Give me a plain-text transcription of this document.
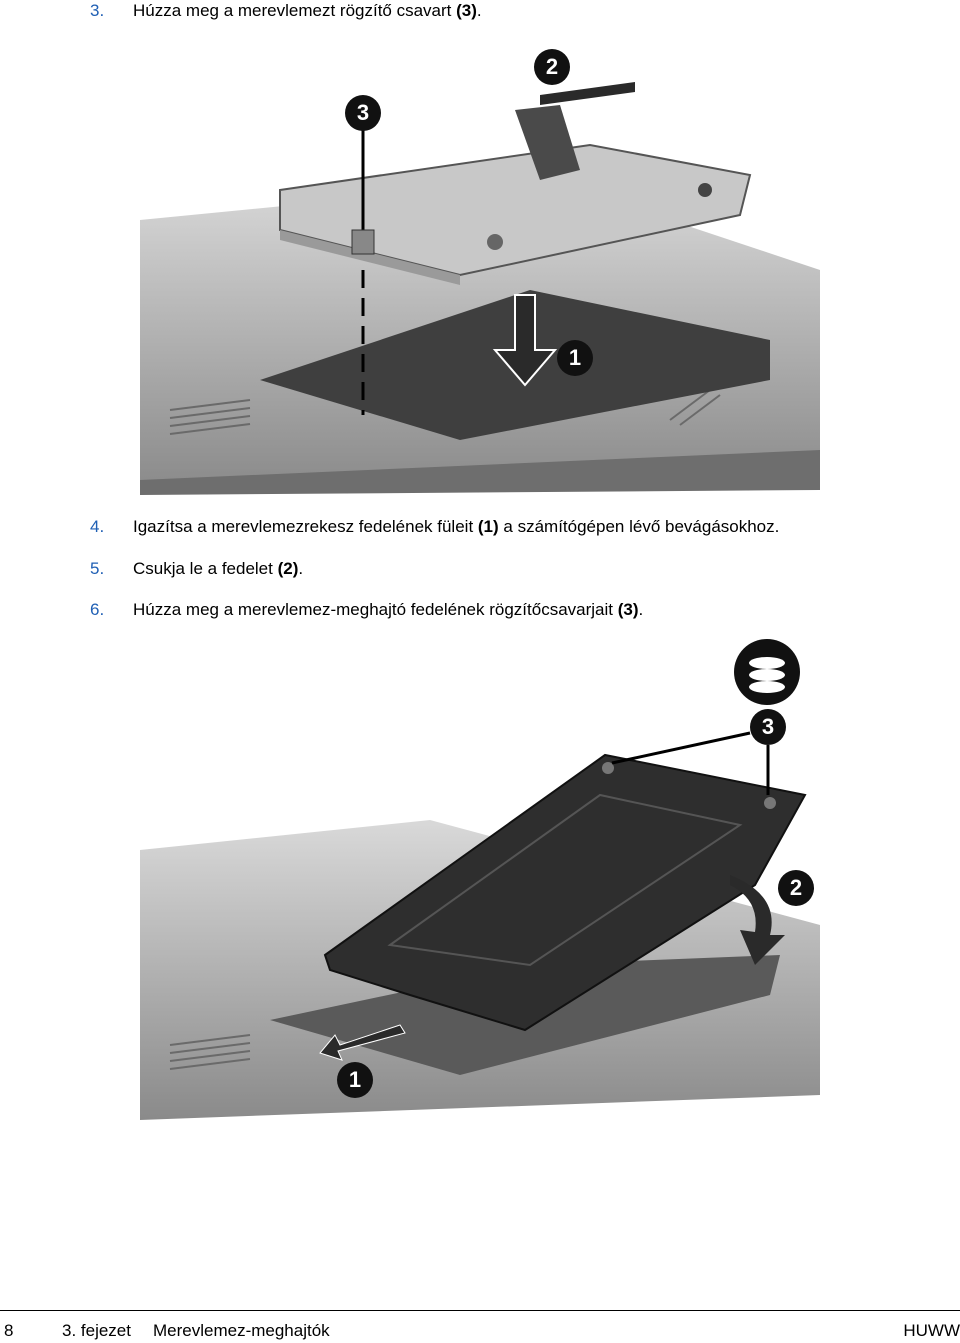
3. Húzza meg a merevlemezt rögzítő csavart (3).
1
2
3
4. Igazítsa a merevlemezrekesz fedelének füleit (1) a számítógépen lévő bevágásokhoz.
5. Csukja le a fedelet (2).
6. Húzza meg a merevlemez-meghajtó fedelének rögzítőcsavarjait (3).
1
2
3
8	3. fejezet Merevlemez-meghajtók	HUWW
